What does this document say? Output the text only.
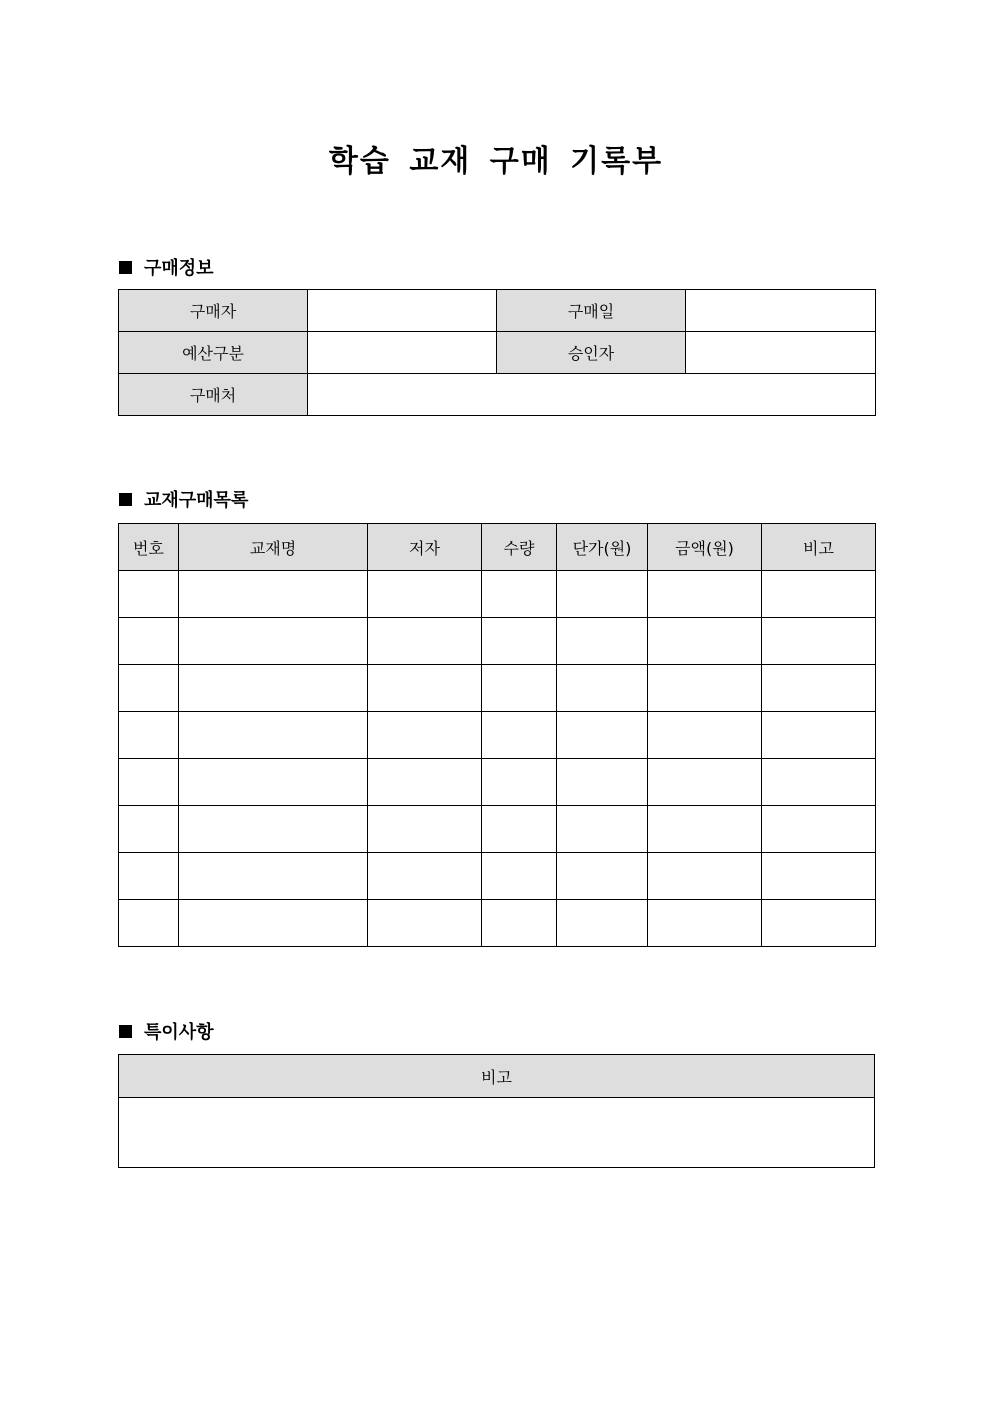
학습 교재 구매 기록부
구매정보
구매자		구매일	
예산구분		승인자	
구매처			
교재구매목록
번호	교재명	저자	수량	단가(원)	금액(원)	비고

특이사항
비고
